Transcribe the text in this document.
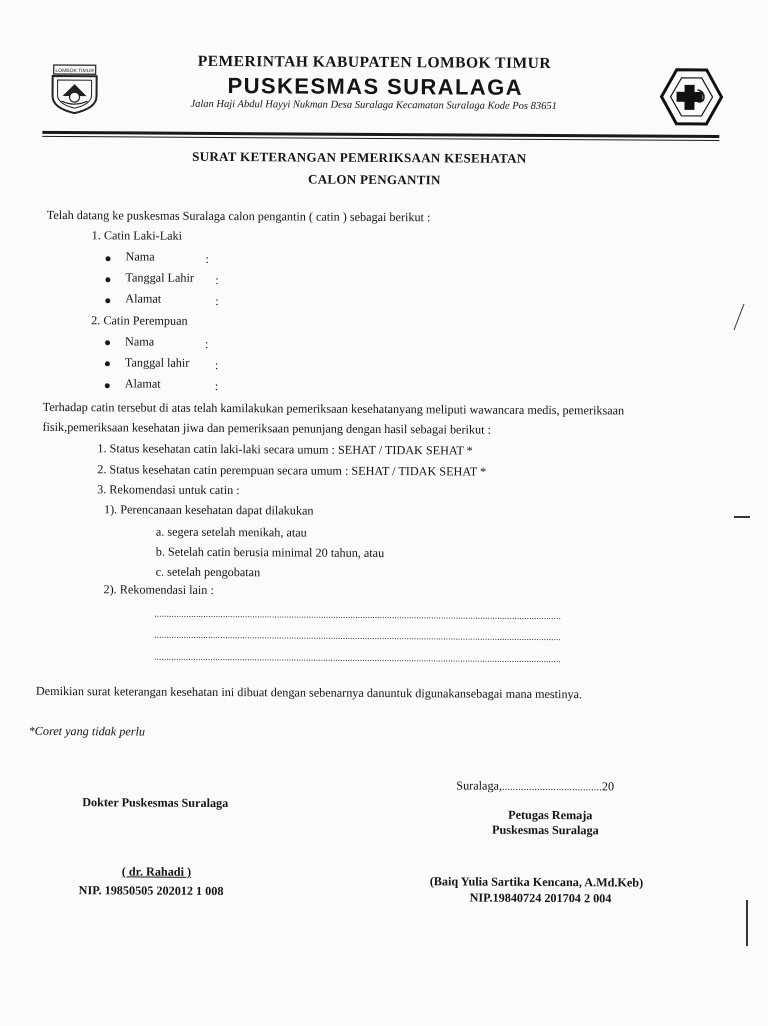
LOMBOK TIMUR	PEMERINTAH KABUPATEN LOMBOK TIMUR
PUSKESMAS SURALAGA
Jalan Haji Abdul Hayyi Nukman Desa Suralaga Kecamatan Suralaga Kode Pos 83651
SURAT KETERANGAN PEMERIKSAAN KESEHATAN
CALON PENGANTIN
Telah datang ke puskesmas Suralaga calon pengantin ( catin ) sebagai berikut :
1. Catin Laki-Laki
Nama	:
Tanggal Lahir :
Alamat	:
2. Catin Perempuan
Nama	:
Tanggal lahir :
Alamat	:
Terhadap catin tersebut di atas telah kamilakukan pemeriksaan kesehatanyang meliputi wawancara medis, pemeriksaan
fisik,pemeriksaan kesehatan jiwa dan pemeriksaan penunjang dengan hasil sebagai berikut :
1. Status kesehatan catin laki-laki secara umum : SEHAT / TIDAK SEHAT *
2. Status kesehatan catin perempuan secara umum : SEHAT / TIDAK SEHAT *
3. Rekomendasi untuk catin :
1). Perencanaan kesehatan dapat dilakukan
a. segera setelah menikah, atau
b. Setelah catin berusia minimal 20 tahun, atau
c. setelah pengobatan
2). Rekomendasi lain :
......................................................................................................................................................................
......................................................................................................................................................................
......................................................................................................................................................................
Demikian surat keterangan kesehatan ini dibuat dengan sebenarnya danuntuk digunakansebagai mana mestinya.
*Coret yang tidak perlu
Suralaga,.....................................20
Dokter Puskesmas Suralaga
Petugas Remaja
Puskesmas Suralaga
( dr. Rahadi )
NIP. 19850505 202012 1 008
(Baiq Yulia Sartika Kencana, A.Md.Keb)
NIP.19840724 201704 2 004
